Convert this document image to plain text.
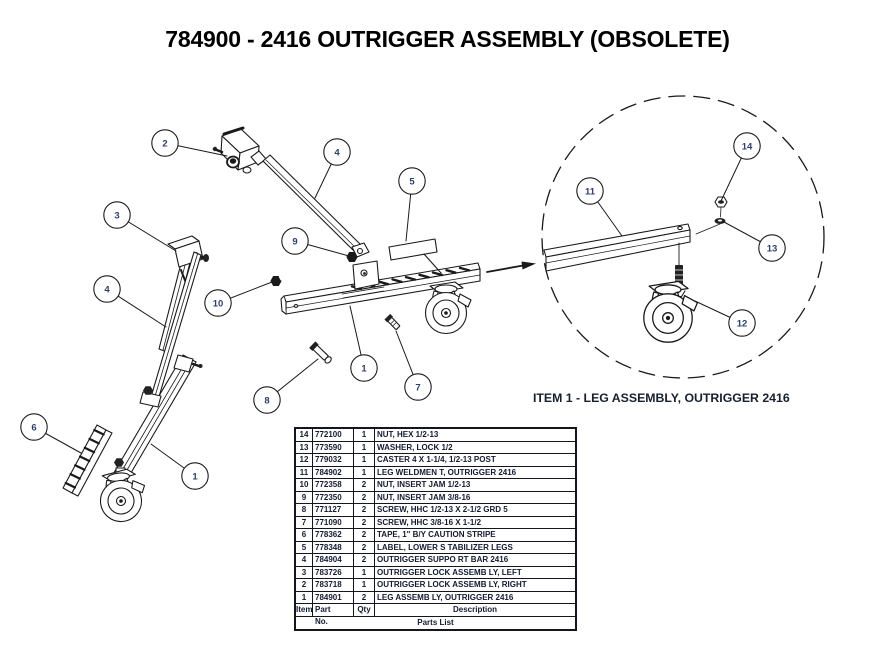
784900 - 2416 OUTRIGGER ASSEMBLY (OBSOLETE)
2
3
4
4
5
9
10
1
7
8
6
1
11
14
13
12
ITEM 1 - LEG ASSEMBLY, OUTRIGGER 2416
14 772100	1	NUT, HEX 1/2-13
13 773590	1	WASHER, LOCK 1/2
12 779032	1	CASTER 4 X 1-1/4, 1/2-13 POST
11 784902	1	LEG WELDMEN T, OUTRIGGER 2416
10 772358	2	NUT, INSERT JAM 1/2-13
9	772350	2	NUT, INSERT JAM 3/8-16
8	771127	2	SCREW, HHC 1/2-13 X 2-1/2 GRD 5
7	771090	2	SCREW, HHC 3/8-16 X 1-1/2
6	778362	2	TAPE, 1" B/Y CAUTION STRIPE
5	778348	2	LABEL, LOWER S TABILIZER LEGS
4	784904	2	OUTRIGGER SUPPO RT BAR 2416
3	783726	1	OUTRIGGER LOCK ASSEMB LY, LEFT
2	783718	1	OUTRIGGER LOCK ASSEMB LY, RIGHT
1	784901	2	LEG ASSEMB LY, OUTRIGGER 2416
Item Part	Qty	Description
No.	Parts List
